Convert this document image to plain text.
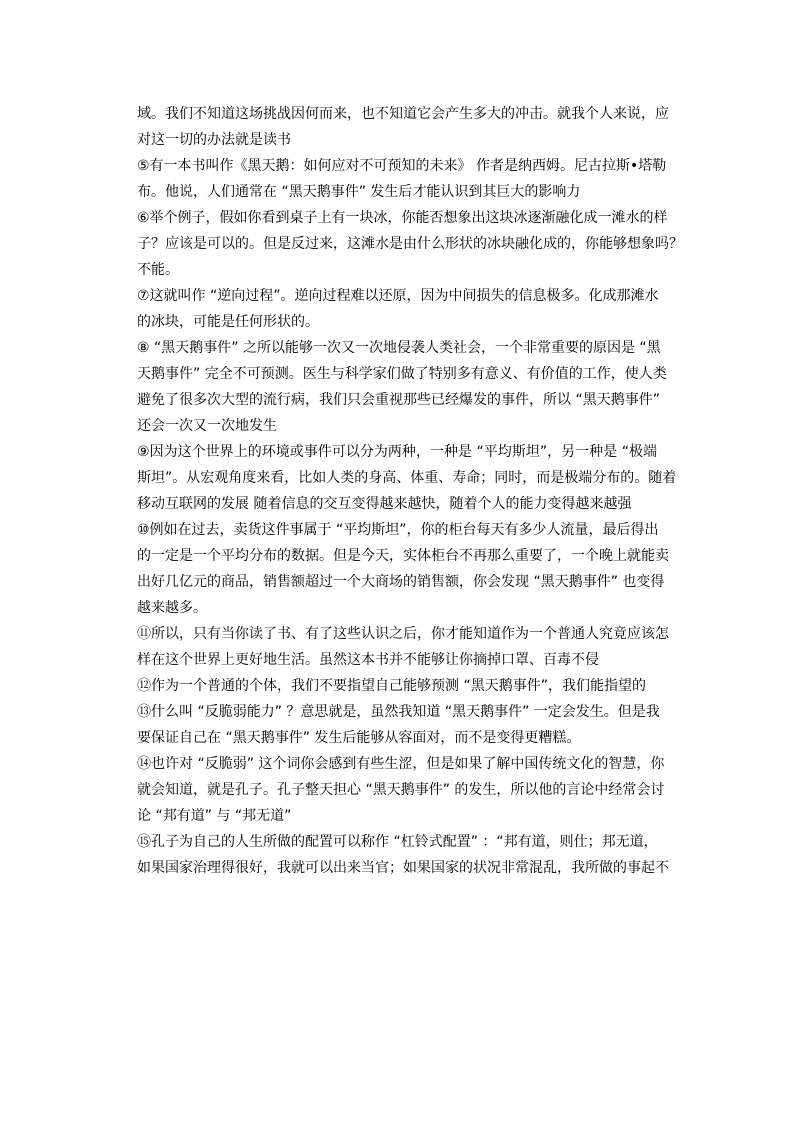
域。我们不知道这场挑战因何而来，也不知道它会产生多大的冲击。就我个人来说，应
对这一切的办法就是读书
⑤有一本书叫作《黑天鹅：如何应对不可预知的未来》 作者是纳西姆。尼古拉斯•塔勒
布。他说，人们通常在 “黑天鹅事件” 发生后才能认识到其巨大的影响力
⑥举个例子，假如你看到桌子上有一块冰，你能否想象出这块冰逐渐融化成一滩水的样
子？应该是可以的。但是反过来，这滩水是由什么形状的冰块融化成的，你能够想象吗？
不能。
⑦这就叫作 “逆向过程”。逆向过程难以还原，因为中间损失的信息极多。化成那滩水
的冰块，可能是任何形状的。
⑧ “黑天鹅事件” 之所以能够一次又一次地侵袭人类社会，一个非常重要的原因是 “黑
天鹅事件” 完全不可预测。医生与科学家们做了特别多有意义、有价值的工作，使人类
避免了很多次大型的流行病，我们只会重视那些已经爆发的事件，所以 “黑天鹅事件”
还会一次又一次地发生
⑨因为这个世界上的环境或事件可以分为两种，一种是 “平均斯坦”，另一种是 “极端
斯坦”。从宏观角度来看，比如人类的身高、体重、寿命；同时，而是极端分布的。随着
移动互联网的发展 随着信息的交互变得越来越快，随着个人的能力变得越来越强
⑩例如在过去，卖货这件事属于 “平均斯坦”，你的柜台每天有多少人流量，最后得出
的一定是一个平均分布的数据。但是今天，实体柜台不再那么重要了，一个晚上就能卖
出好几亿元的商品，销售额超过一个大商场的销售额，你会发现 “黑天鹅事件” 也变得
越来越多。
⑪所以，只有当你读了书、有了这些认识之后，你才能知道作为一个普通人究竟应该怎
样在这个世界上更好地生活。虽然这本书并不能够让你摘掉口罩、百毒不侵
⑫作为一个普通的个体，我们不要指望自己能够预测 “黑天鹅事件”，我们能指望的
⑬什么叫 “反脆弱能力” ？意思就是，虽然我知道 “黑天鹅事件” 一定会发生。但是我
要保证自己在 “黑天鹅事件” 发生后能够从容面对，而不是变得更糟糕。
⑭也许对 “反脆弱” 这个词你会感到有些生涩，但是如果了解中国传统文化的智慧，你
就会知道，就是孔子。孔子整天担心 “黑天鹅事件” 的发生，所以他的言论中经常会讨
论 “邦有道” 与 “邦无道”
⑮孔子为自己的人生所做的配置可以称作 “杠铃式配置” ：“邦有道，则仕；邦无道，
如果国家治理得很好，我就可以出来当官；如果国家的状况非常混乱，我所做的事起不
